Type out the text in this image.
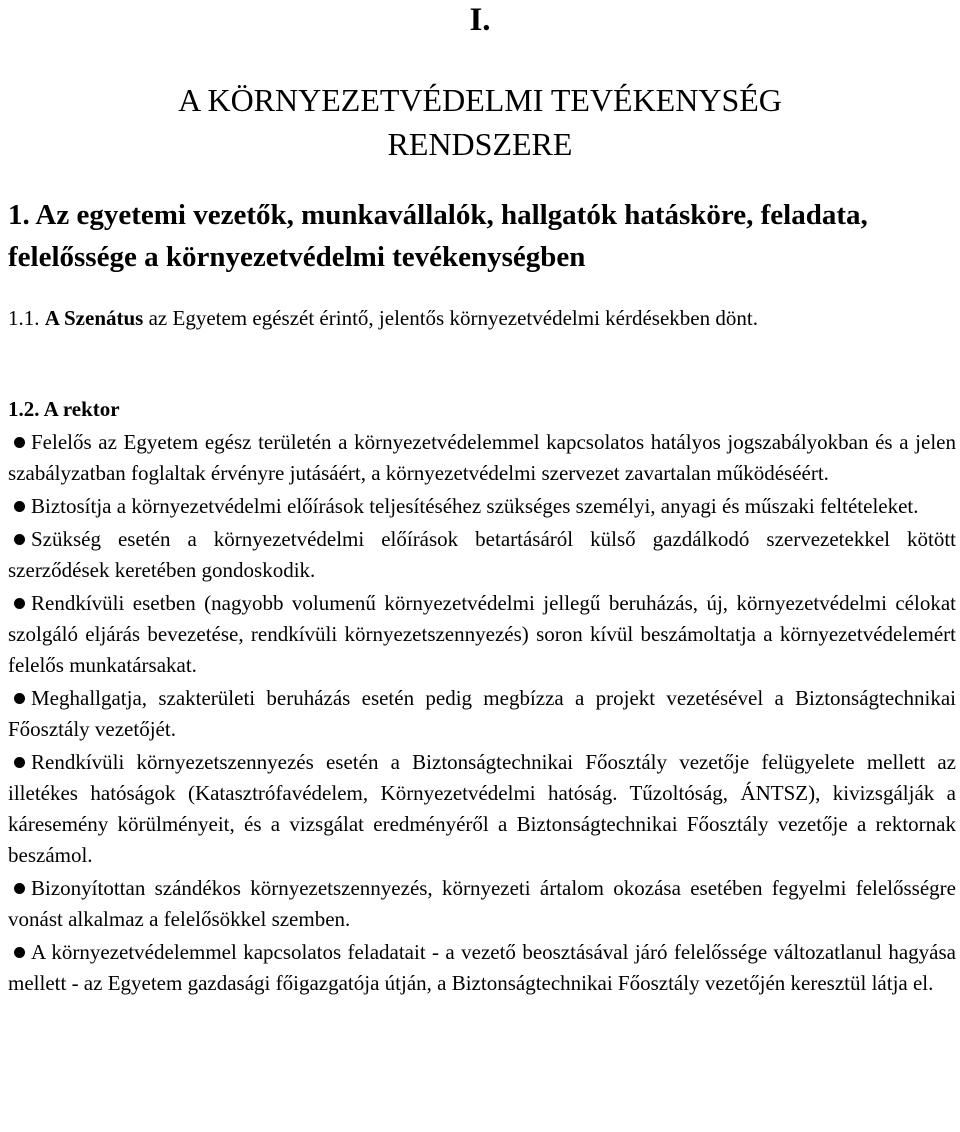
I.
A KÖRNYEZETVÉDELMI TEVÉKENYSÉG
RENDSZERE
1. Az egyetemi vezetők, munkavállalók, hallgatók hatásköre, feladata, felelőssége a környezetvédelmi tevékenységben
1.1. A Szenátus az Egyetem egészét érintő, jelentős környezetvédelmi kérdésekben dönt.
1.2. A rektor
Felelős az Egyetem egész területén a környezetvédelemmel kapcsolatos hatályos jogszabályokban és a jelen szabályzatban foglaltak érvényre jutásáért, a környezetvédelmi szervezet zavartalan működéséért.
Biztosítja a környezetvédelmi előírások teljesítéséhez szükséges személyi, anyagi és műszaki feltételeket.
Szükség esetén a környezetvédelmi előírások betartásáról külső gazdálkodó szervezetekkel kötött szerződések keretében gondoskodik.
Rendkívüli esetben (nagyobb volumenű környezetvédelmi jellegű beruházás, új, környezetvédelmi célokat szolgáló eljárás bevezetése, rendkívüli környezetszennyezés) soron kívül beszámoltatja a környezetvédelemért felelős munkatársakat.
Meghallgatja, szakterületi beruházás esetén pedig megbízza a projekt vezetésével a Biztonságtechnikai Főosztály vezetőjét.
Rendkívüli környezetszennyezés esetén a Biztonságtechnikai Főosztály vezetője felügyelete mellett az illetékes hatóságok (Katasztrófavédelem, Környezetvédelmi hatóság. Tűzoltóság, ÁNTSZ), kivizsgálják a káresemény körülményeit, és a vizsgálat eredményéről a Biztonságtechnikai Főosztály vezetője a rektornak beszámol.
Bizonyítottan szándékos környezetszennyezés, környezeti ártalom okozása esetében fegyelmi felelősségre vonást alkalmaz a felelősökkel szemben.
A környezetvédelemmel kapcsolatos feladatait - a vezető beosztásával járó felelőssége változatlanul hagyása mellett - az Egyetem gazdasági főigazgatója útján, a Biztonságtechnikai Főosztály vezetőjén keresztül látja el.
